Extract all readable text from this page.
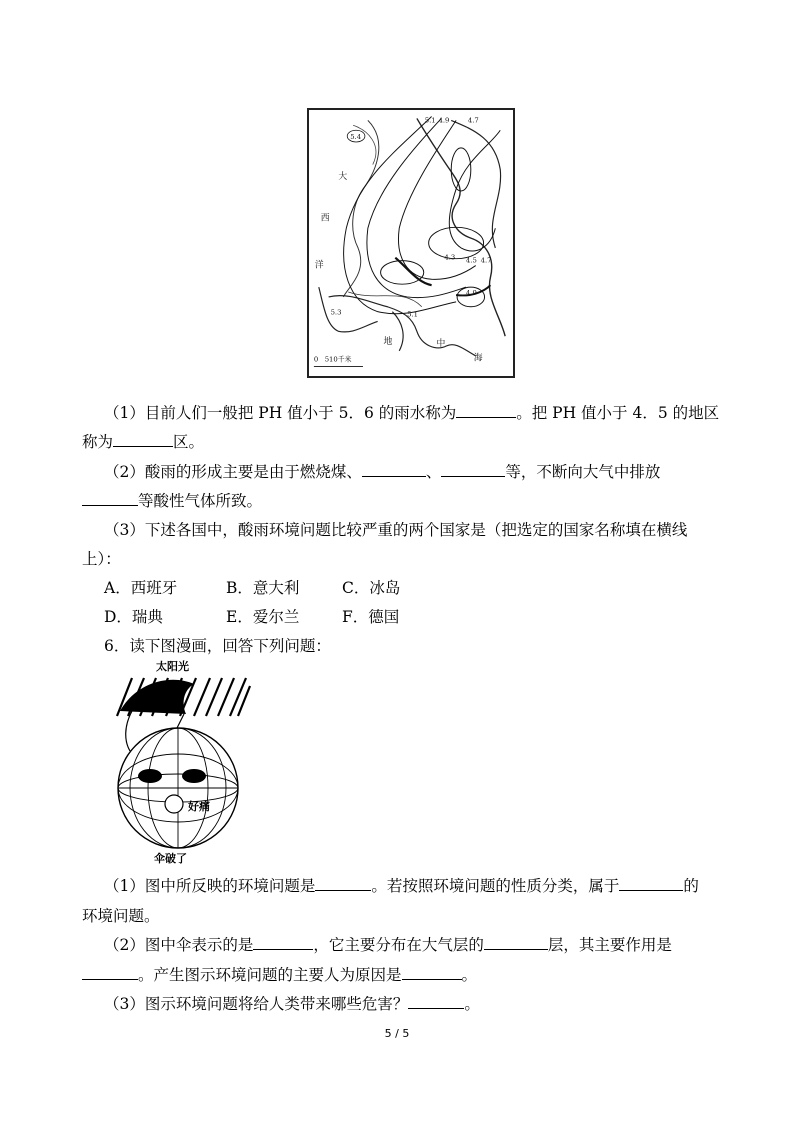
5.1 4.9	4.7
5.4
4.3 4.5 4.7
4.9
5.3	5.1
大
西
洋
地	中
海
0 510千米
（1）目前人们一般把 PH 值小于 5．6 的雨水称为	。把 PH 值小于 4．5 的地区
称为	区。
（2）酸雨的形成主要是由于燃烧煤、	、	等，不断向大气中排放
等酸性气体所致。
（3）下述各国中，酸雨环境问题比较严重的两个国家是（把选定的国家名称填在横线
上）：
A．西班牙	B．意大利	C．冰岛
D．瑞典	E．爱尔兰	F．德国
6．读下图漫画，回答下列问题：
太阳光
好痛
伞破了
（1）图中所反映的环境问题是	。若按照环境问题的性质分类，属于	的
环境问题。
（2）图中伞表示的是	，它主要分布在大气层的	层，其主要作用是
。产生图示环境问题的主要人为原因是	。
（3）图示环境问题将给人类带来哪些危害？	。
5 / 5
